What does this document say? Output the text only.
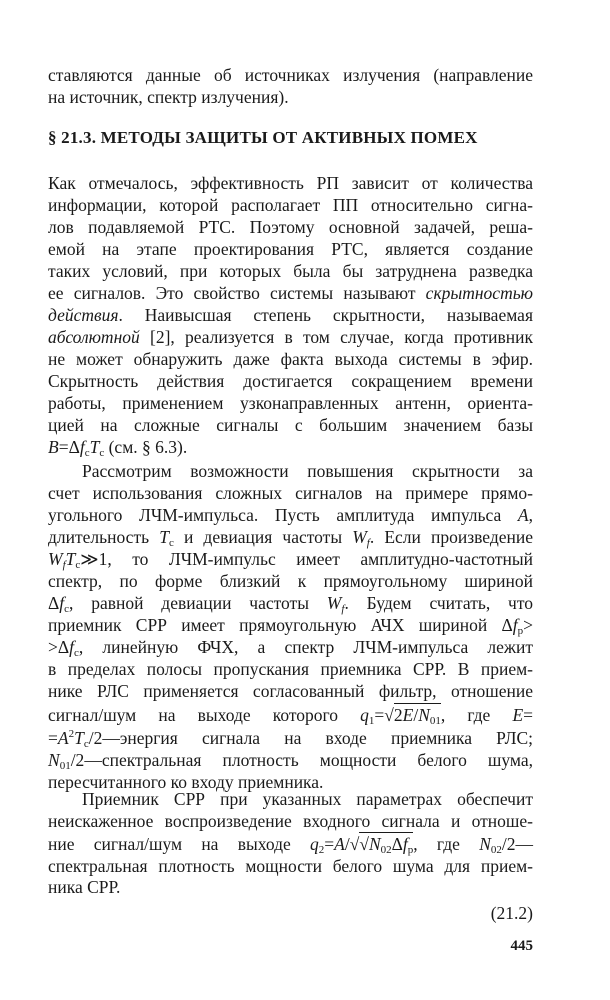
ставляются данные об источниках излучения (направление
на источник, спектр излучения).
§ 21.3. МЕТОДЫ ЗАЩИТЫ ОТ АКТИВНЫХ ПОМЕХ
Как отмечалось, эффективность РП зависит от количества
информации, которой располагает ПП относительно сигна-
лов подавляемой РТС. Поэтому основной задачей, реша-
емой на этапе проектирования РТС, является создание
таких условий, при которых была бы затруднена разведка
ее сигналов. Это свойство системы называют скрытностью
действия. Наивысшая степень скрытности, называемая
абсолютной [2], реализуется в том случае, когда противник
не может обнаружить даже факта выхода системы в эфир.
Скрытность действия достигается сокращением времени
работы, применением узконаправленных антенн, ориента-
цией на сложные сигналы с большим значением базы
$B=\Delta f_cT_c$ (см. § 6.3).
Рассмотрим возможности повышения скрытности за
счет использования сложных сигналов на примере прямо-
угольного ЛЧМ-импульса. Пусть амплитуда импульса A,
длительность $T_c$ и девиация частоты $W_f$. Если произведение
$W_fT_c≫1$, то ЛЧМ-импульс имеет амплитудно-частотный
спектр, по форме близкий к прямоугольному шириной
$\Delta f_c$, равной девиации частоты $W_f$. Будем считать, что
приемник СРР имеет прямоугольную АЧХ шириной $\Delta f_p>$
$>\Delta f_c$, линейную ФЧХ, а спектр ЛЧМ-импульса лежит
в пределах полосы пропускания приемника СРР. В прием-
нике РЛС применяется согласованный фильтр, отношение
сигнал/шум на выходе которого $q_1=√2E/N_{01}$, где E=
$=A^2T_c/2—энергия$ сигнала на входе приемника РЛС;
$N_{01}/2—спектральная$ плотность мощности белого шума,
пересчитанного ко входу приемника.
Приемник СРР при указанных параметрах обеспечит
неискаженное воспроизведение входного сигнала и отноше-
ние сигнал/шум на выходе $q_2=A/√√N_{02}\Delta f_p$, где $N_{02}/2—$
спектральная плотность мощности белого шума для прием-
ника СРР.
(21.2)
445
